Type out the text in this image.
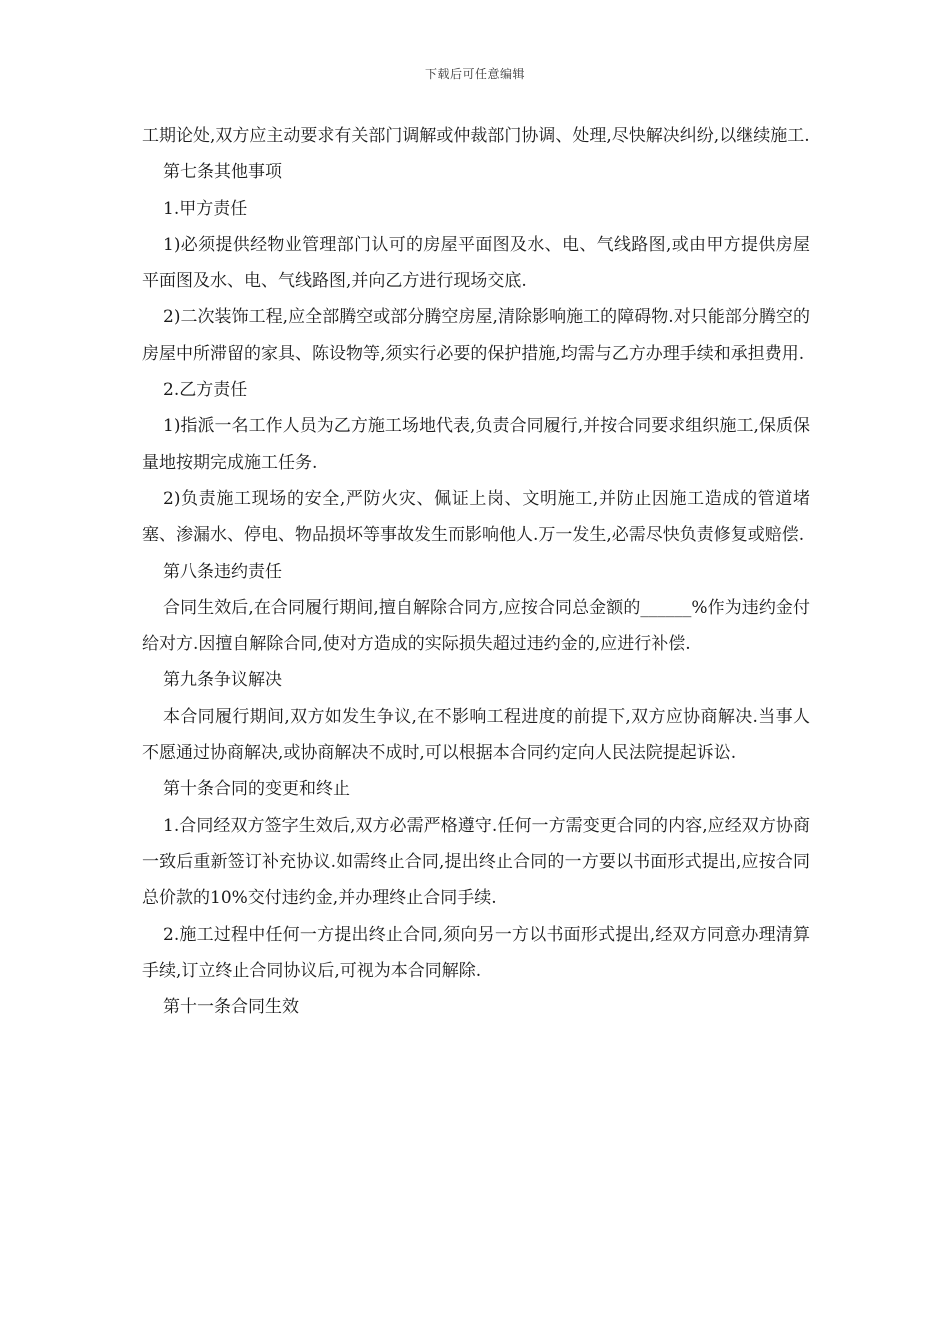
下载后可任意编辑

工期论处,双方应主动要求有关部门调解或仲裁部门协调、处理,尽快解决纠纷,以继续施工.

第七条其他事项

1.甲方责任

1)必须提供经物业管理部门认可的房屋平面图及水、电、气线路图,或由甲方提供房屋平面图及水、电、气线路图,并向乙方进行现场交底.

2)二次装饰工程,应全部腾空或部分腾空房屋,清除影响施工的障碍物.对只能部分腾空的房屋中所滞留的家具、陈设物等,须实行必要的保护措施,均需与乙方办理手续和承担费用.

2.乙方责任

1)指派一名工作人员为乙方施工场地代表,负责合同履行,并按合同要求组织施工,保质保量地按期完成施工任务.

2)负责施工现场的安全,严防火灾、佩证上岗、文明施工,并防止因施工造成的管道堵塞、渗漏水、停电、物品损坏等事故发生而影响他人.万一发生,必需尽快负责修复或赔偿.

第八条违约责任

合同生效后,在合同履行期间,擅自解除合同方,应按合同总金额的______%作为违约金付给对方.因擅自解除合同,使对方造成的实际损失超过违约金的,应进行补偿.

第九条争议解决

本合同履行期间,双方如发生争议,在不影响工程进度的前提下,双方应协商解决.当事人不愿通过协商解决,或协商解决不成时,可以根据本合同约定向人民法院提起诉讼.

第十条合同的变更和终止

1.合同经双方签字生效后,双方必需严格遵守.任何一方需变更合同的内容,应经双方协商一致后重新签订补充协议.如需终止合同,提出终止合同的一方要以书面形式提出,应按合同总价款的10%交付违约金,并办理终止合同手续.

2.施工过程中任何一方提出终止合同,须向另一方以书面形式提出,经双方同意办理清算手续,订立终止合同协议后,可视为本合同解除.

第十一条合同生效
